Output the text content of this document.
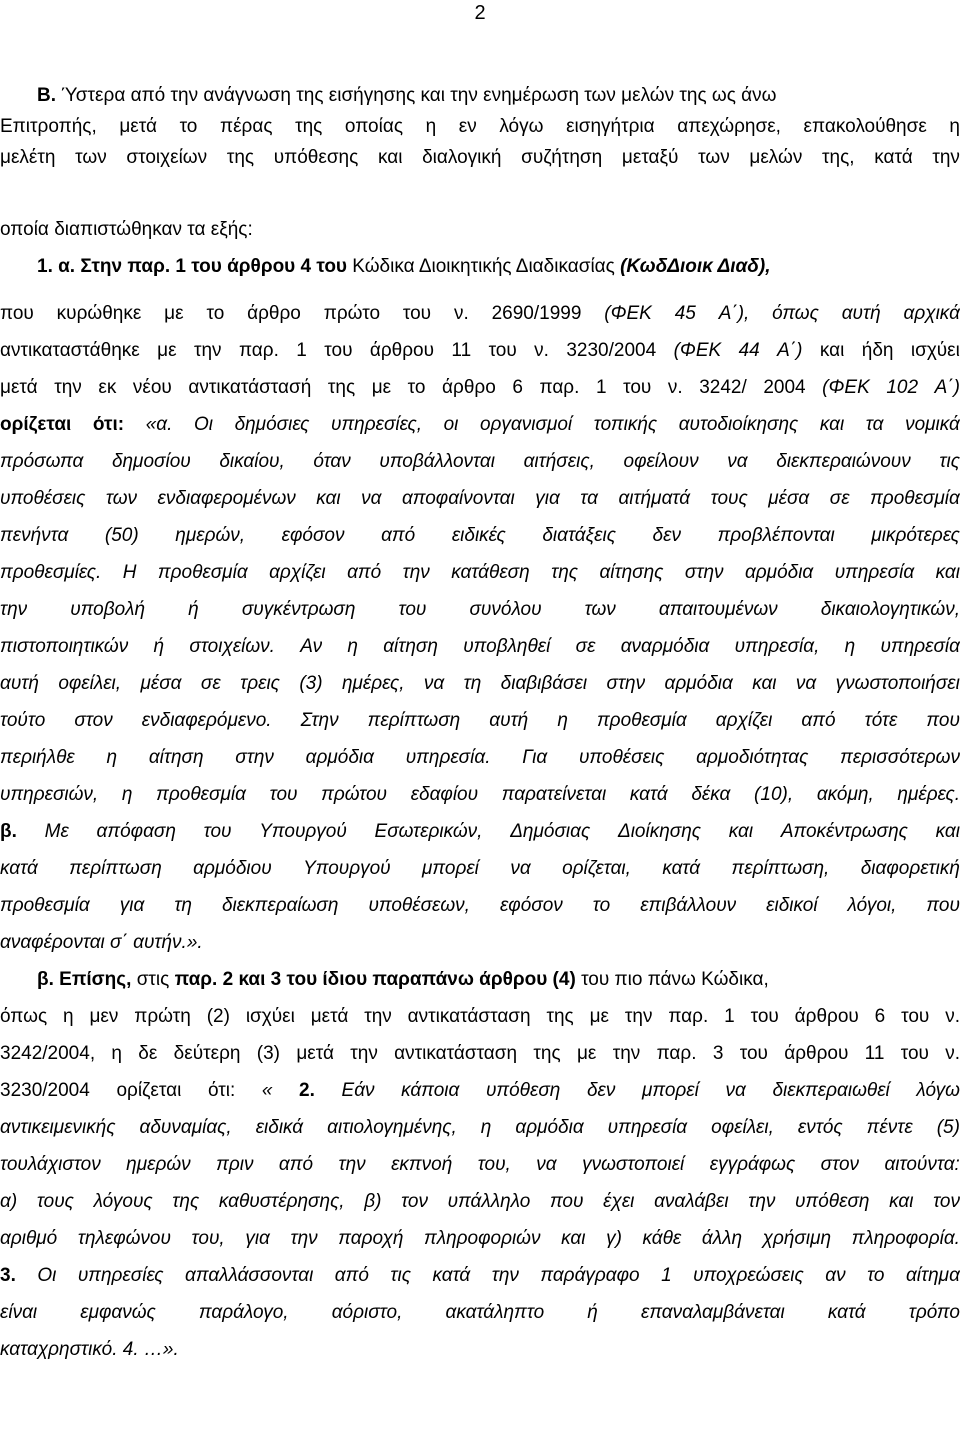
2
Β. Ύστερα από την ανάγνωση της εισήγησης και την ενημέρωση των μελών της ως άνω
Επιτροπής, μετά το πέρας της οποίας η εν λόγω εισηγήτρια απεχώρησε, επακολούθησε η
μελέτη των στοιχείων της υπόθεσης και διαλογική συζήτηση μεταξύ των μελών της, κατά την
οποία διαπιστώθηκαν τα εξής:
1. α. Στην παρ. 1 του άρθρου 4 του Κώδικα Διοικητικής Διαδικασίας (ΚωδΔιοικ Διαδ),
που κυρώθηκε με το άρθρο πρώτο του ν. 2690/1999 (ΦΕΚ 45 Α΄), όπως αυτή αρχικά
αντικαταστάθηκε με την παρ. 1 του άρθρου 11 του ν. 3230/2004 (ΦΕΚ 44 Α΄) και ήδη ισχύει
μετά την εκ νέου αντικατάστασή της με το άρθρο 6 παρ. 1 του ν. 3242/ 2004 (ΦΕΚ 102 Α΄)
ορίζεται ότι: «α. Οι δημόσιες υπηρεσίες, οι οργανισμοί τοπικής αυτοδιοίκησης και τα νομικά
πρόσωπα δημοσίου δικαίου, όταν υποβάλλονται αιτήσεις, οφείλουν να διεκπεραιώνουν τις
υποθέσεις των ενδιαφερομένων και να αποφαίνονται για τα αιτήματά τους μέσα σε προθεσμία
πενήντα (50) ημερών, εφόσον από ειδικές διατάξεις δεν προβλέπονται μικρότερες
προθεσμίες. Η προθεσμία αρχίζει από την κατάθεση της αίτησης στην αρμόδια υπηρεσία και
την υποβολή ή συγκέντρωση του συνόλου των απαιτουμένων δικαιολογητικών,
πιστοποιητικών ή στοιχείων. Αν η αίτηση υποβληθεί σε αναρμόδια υπηρεσία, η υπηρεσία
αυτή οφείλει, μέσα σε τρεις (3) ημέρες, να τη διαβιβάσει στην αρμόδια και να γνωστοποιήσει
τούτο στον ενδιαφερόμενο. Στην περίπτωση αυτή η προθεσμία αρχίζει από τότε που
περιήλθε η αίτηση στην αρμόδια υπηρεσία. Για υποθέσεις αρμοδιότητας περισσότερων
υπηρεσιών, η προθεσμία του πρώτου εδαφίου παρατείνεται κατά δέκα (10), ακόμη, ημέρες.
β. Με απόφαση του Υπουργού Εσωτερικών, Δημόσιας Διοίκησης και Αποκέντρωσης και
κατά περίπτωση αρμόδιου Υπουργού μπορεί να ορίζεται, κατά περίπτωση, διαφορετική
προθεσμία για τη διεκπεραίωση υποθέσεων, εφόσον το επιβάλλουν ειδικοί λόγοι, που
αναφέρονται σ΄ αυτήν.».
β. Επίσης, στις παρ. 2 και 3 του ίδιου παραπάνω άρθρου (4) του πιο πάνω Κώδικα,
όπως η μεν πρώτη (2) ισχύει μετά την αντικατάσταση της με την παρ. 1 του άρθρου 6 του ν.
3242/2004, η δε δεύτερη (3) μετά την αντικατάσταση της με την παρ. 3 του άρθρου 11 του ν.
3230/2004 ορίζεται ότι: « 2. Εάν κάποια υπόθεση δεν μπορεί να διεκπεραιωθεί λόγω
αντικειμενικής αδυναμίας, ειδικά αιτιολογημένης, η αρμόδια υπηρεσία οφείλει, εντός πέντε (5)
τουλάχιστον ημερών πριν από την εκπνοή του, να γνωστοποιεί εγγράφως στον αιτούντα:
α) τους λόγους της καθυστέρησης, β) τον υπάλληλο που έχει αναλάβει την υπόθεση και τον
αριθμό τηλεφώνου του, για την παροχή πληροφοριών και γ) κάθε άλλη χρήσιμη πληροφορία.
3. Οι υπηρεσίες απαλλάσσονται από τις κατά την παράγραφο 1 υποχρεώσεις αν το αίτημα
είναι εμφανώς παράλογο, αόριστο, ακατάληπτο ή επαναλαμβάνεται κατά τρόπο
καταχρηστικό. 4. …».
